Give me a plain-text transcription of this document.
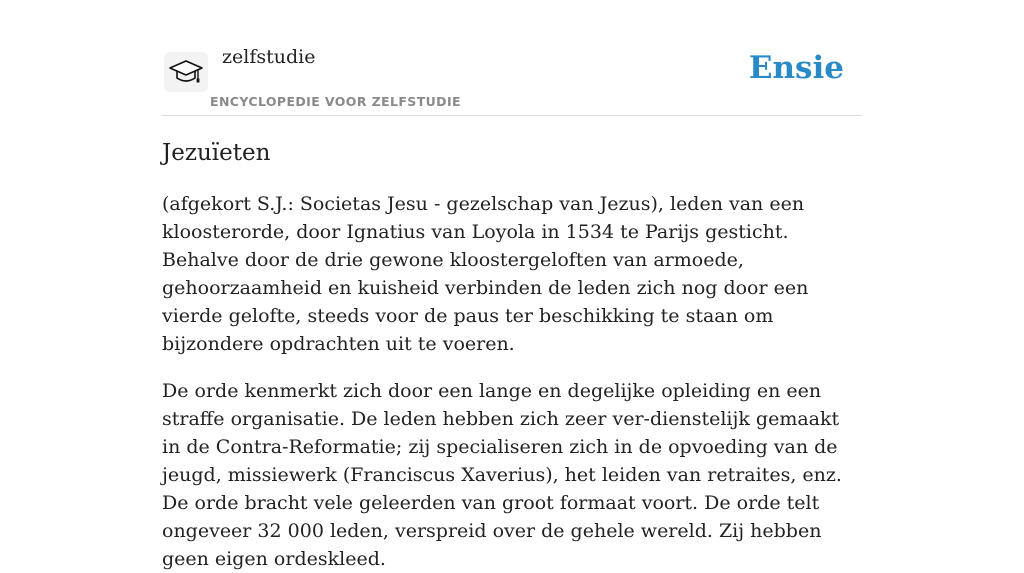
zelfstudie
ENCYCLOPEDIE VOOR ZELFSTUDIE
Ensie
Jezuïeten

(afgekort S.J.: Societas Jesu - gezelschap van Jezus), leden van een kloosterorde, door Ignatius van Loyola in 1534 te Parijs gesticht. Behalve door de drie gewone kloostergeloften van armoede, gehoorzaamheid en kuisheid verbinden de leden zich nog door een vierde gelofte, steeds voor de paus ter beschikking te staan om bijzondere opdrachten uit te voeren.

De orde kenmerkt zich door een lange en degelijke opleiding en een straffe organisatie. De leden hebben zich zeer ver-dienstelijk gemaakt in de Contra-Reformatie; zij specialiseren zich in de opvoeding van de jeugd, missiewerk (Franciscus Xaverius), het leiden van retraites, enz. De orde bracht vele geleerden van groot formaat voort. De orde telt ongeveer 32 000 leden, verspreid over de gehele wereld. Zij hebben geen eigen ordeskleed.
